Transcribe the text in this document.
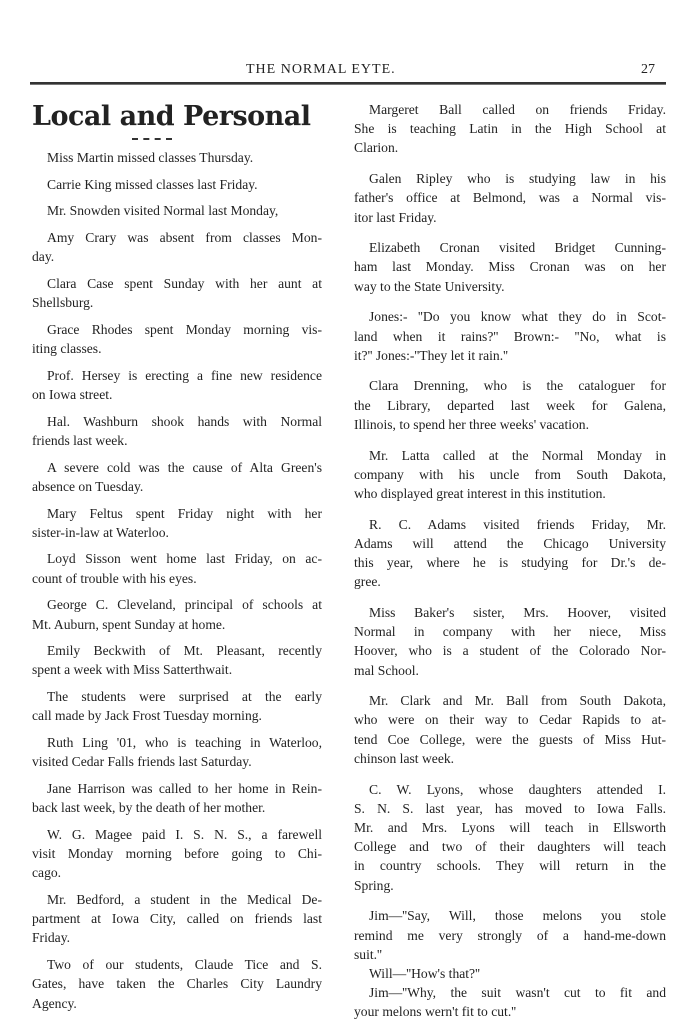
THE NORMAL EYTE.	27
Local and Personal
Miss Martin missed classes Thursday.
Carrie King missed classes last Friday.
Mr. Snowden visited Normal last Monday,
Amy Crary was absent from classes Mon-
day.
Clara Case spent Sunday with her aunt at
Shellsburg.
Grace Rhodes spent Monday morning vis-
iting classes.
Prof. Hersey is erecting a fine new residence
on Iowa street.
Hal. Washburn shook hands with Normal
friends last week.
A severe cold was the cause of Alta Green's
absence on Tuesday.
Mary Feltus spent Friday night with her
sister-in-law at Waterloo.
Loyd Sisson went home last Friday, on ac-
count of trouble with his eyes.
George C. Cleveland, principal of schools at
Mt. Auburn, spent Sunday at home.
Emily Beckwith of Mt. Pleasant, recently
spent a week with Miss Satterthwait.
The students were surprised at the early
call made by Jack Frost Tuesday morning.
Ruth Ling '01, who is teaching in Waterloo,
visited Cedar Falls friends last Saturday.
Jane Harrison was called to her home in Rein-
back last week, by the death of her mother.
W. G. Magee paid I. S. N. S., a farewell
visit Monday morning before going to Chi-
cago.
Mr. Bedford, a student in the Medical De-
partment at Iowa City, called on friends last
Friday.
Two of our students, Claude Tice and S.
Gates, have taken the Charles City Laundry
Agency.
Margeret Ball called on friends Friday.
She is teaching Latin in the High School at
Clarion.
Galen Ripley who is studying law in his
father's office at Belmond, was a Normal vis-
itor last Friday.
Elizabeth Cronan visited Bridget Cunning-
ham last Monday. Miss Cronan was on her
way to the State University.
Jones:- ''Do you know what they do in Scot-
land when it rains?'' Brown:- ''No, what is
it?'' Jones:-''They let it rain.''
Clara Drenning, who is the cataloguer for
the Library, departed last week for Galena,
Illinois, to spend her three weeks' vacation.
Mr. Latta called at the Normal Monday in
company with his uncle from South Dakota,
who displayed great interest in this institution.
R. C. Adams visited friends Friday, Mr.
Adams will attend the Chicago University
this year, where he is studying for Dr.'s de-
gree.
Miss Baker's sister, Mrs. Hoover, visited
Normal in company with her niece, Miss
Hoover, who is a student of the Colorado Nor-
mal School.
Mr. Clark and Mr. Ball from South Dakota,
who were on their way to Cedar Rapids to at-
tend Coe College, were the guests of Miss Hut-
chinson last week.
C. W. Lyons, whose daughters attended I.
S. N. S. last year, has moved to Iowa Falls.
Mr. and Mrs. Lyons will teach in Ellsworth
College and two of their daughters will teach
in country schools. They will return in the
Spring.
Jim—''Say, Will, those melons you stole
remind me very strongly of a hand-me-down
suit.''
Will—''How's that?''
Jim—''Why, the suit wasn't cut to fit and
your melons wern't fit to cut.''
